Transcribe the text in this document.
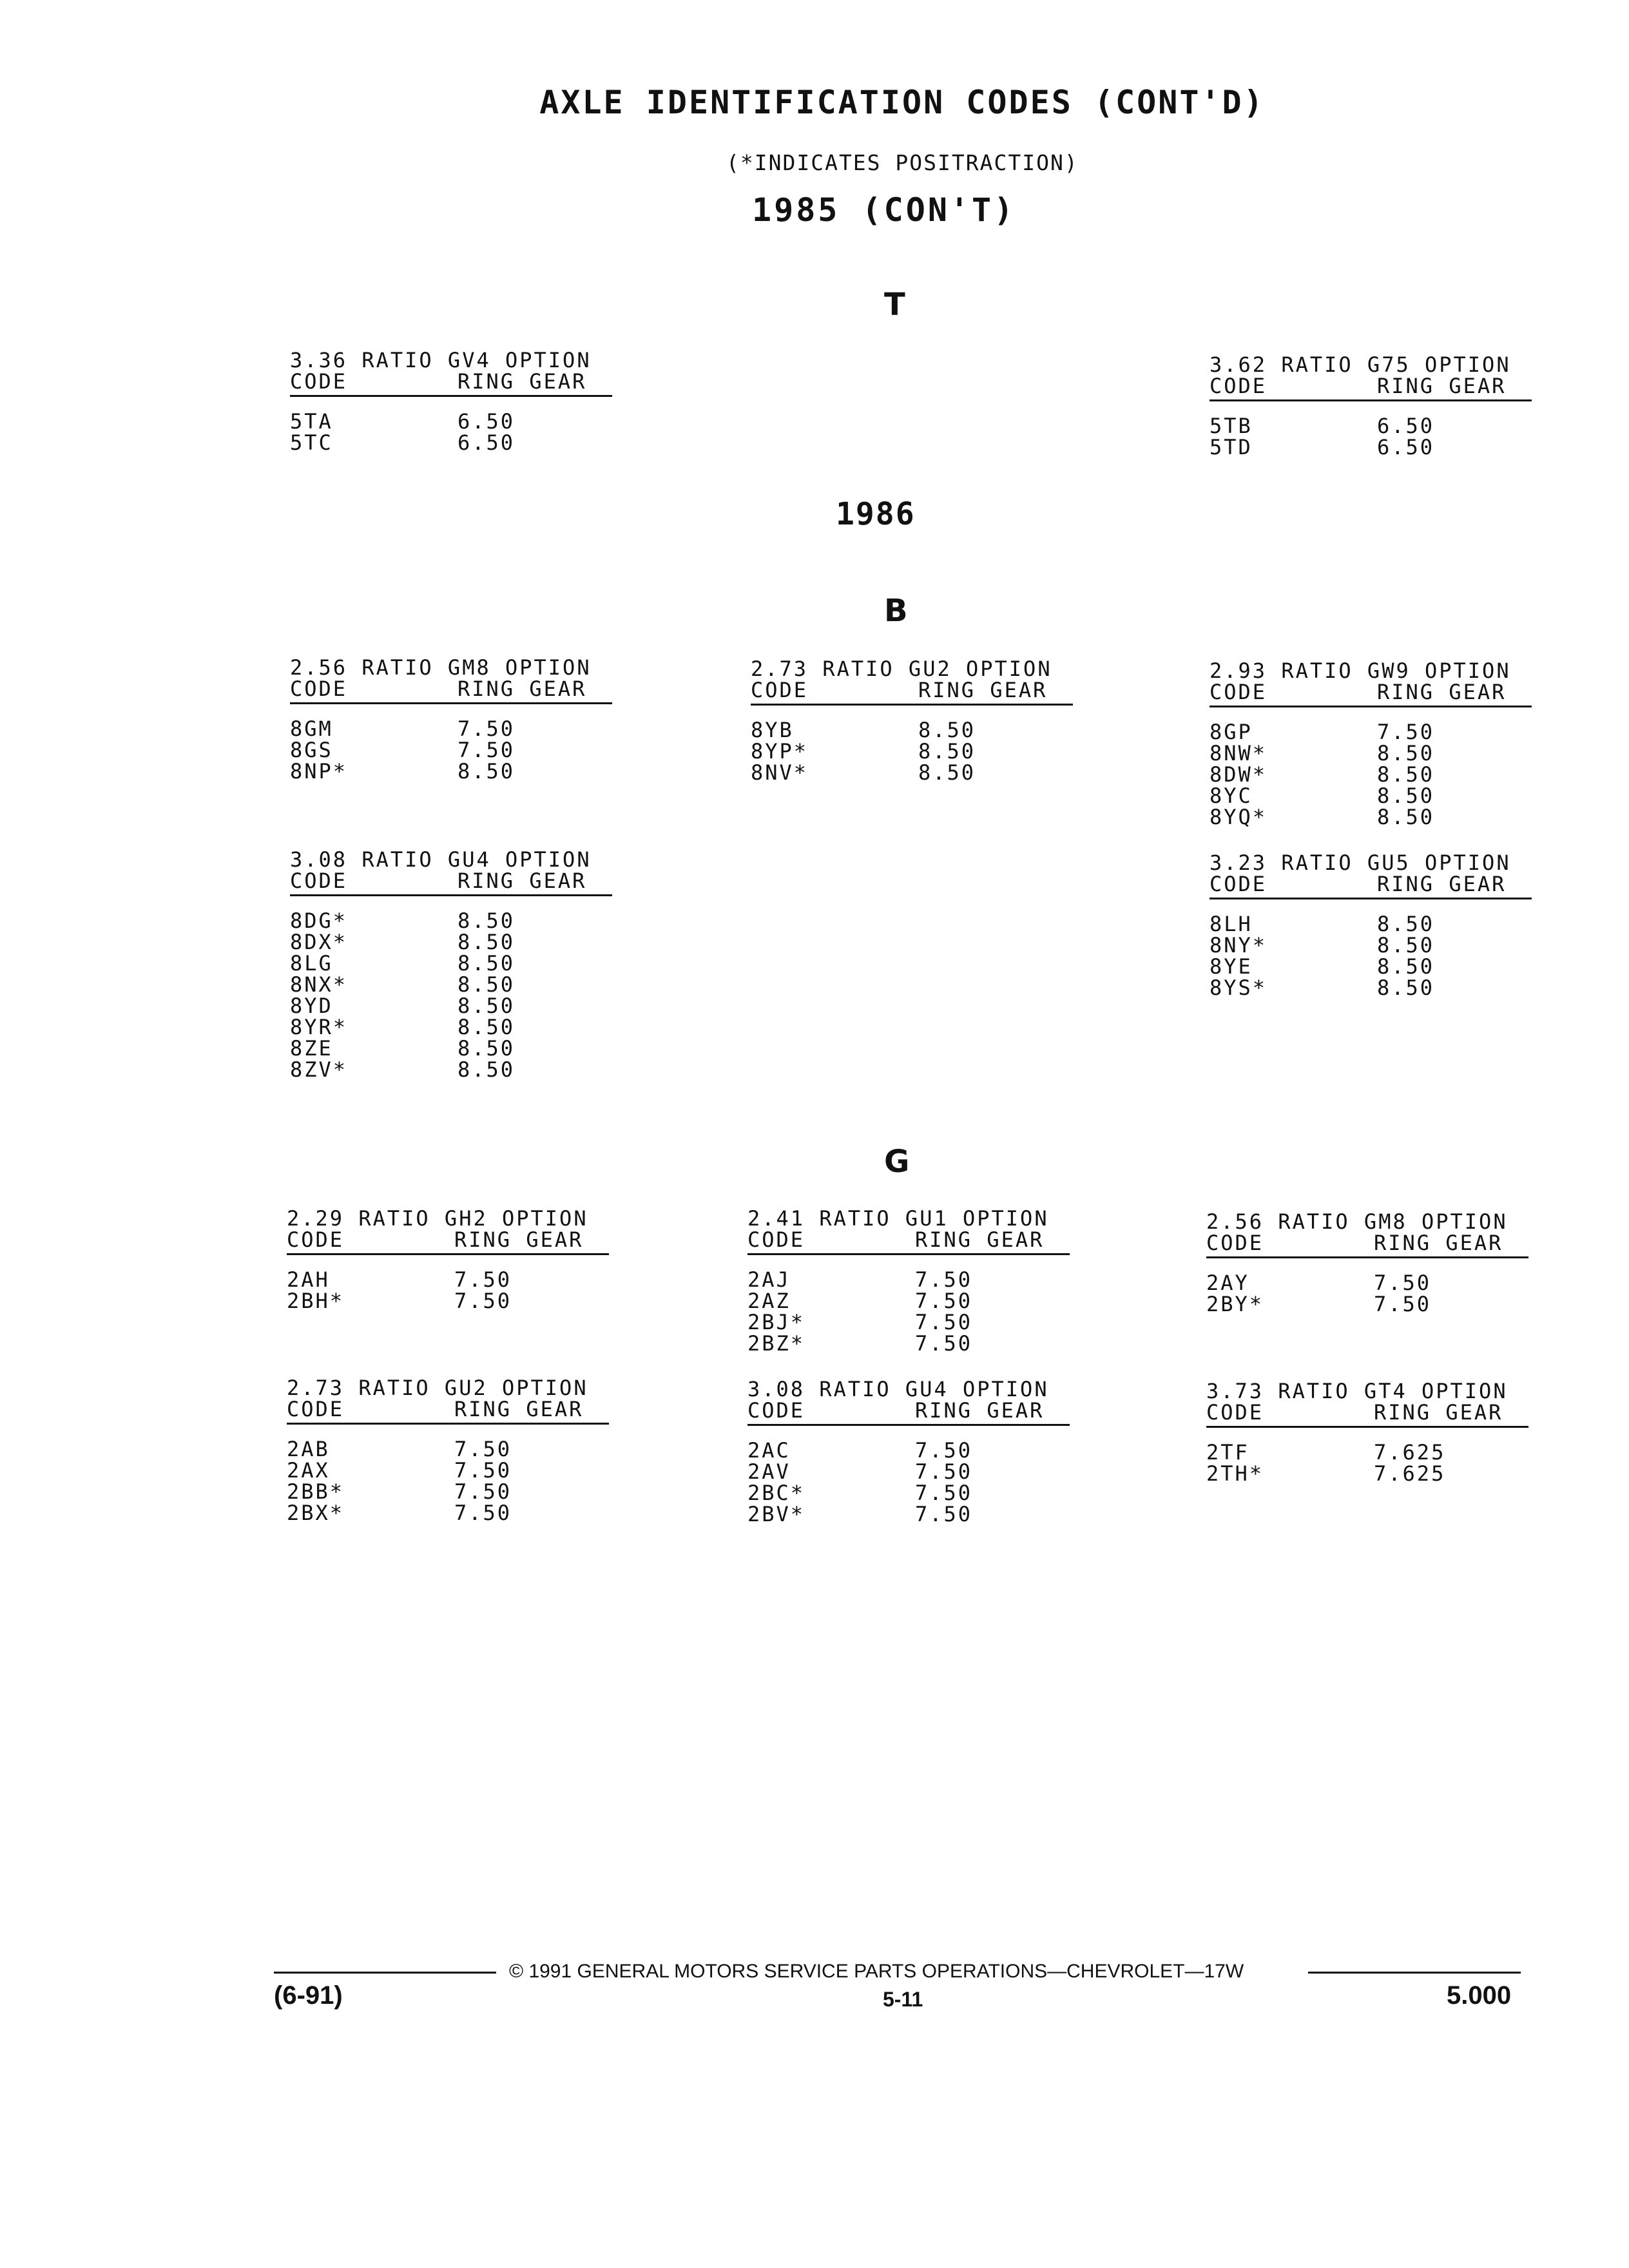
AXLE IDENTIFICATION CODES (CONT'D)
(*INDICATES POSITRACTION)
1985 (CON'T)
T
1986
B
G
3.36 RATIO GV4 OPTION
CODE	RING GEAR
5TA	6.50
5TC	6.50
3.62 RATIO G75 OPTION
CODE	RING GEAR
5TB	6.50
5TD	6.50
2.56 RATIO GM8 OPTION
CODE	RING GEAR
8GM	7.50
8GS	7.50
8NP*	8.50
2.73 RATIO GU2 OPTION
CODE	RING GEAR
8YB	8.50
8YP*	8.50
8NV*	8.50
2.93 RATIO GW9 OPTION
CODE	RING GEAR
8GP	7.50
8NW*	8.50
8DW*	8.50
8YC	8.50
8YQ*	8.50
3.08 RATIO GU4 OPTION
CODE	RING GEAR
8DG*	8.50
8DX*	8.50
8LG	8.50
8NX*	8.50
8YD	8.50
8YR*	8.50
8ZE	8.50
8ZV*	8.50
3.23 RATIO GU5 OPTION
CODE	RING GEAR
8LH	8.50
8NY*	8.50
8YE	8.50
8YS*	8.50
2.29 RATIO GH2 OPTION
CODE	RING GEAR
2AH	7.50
2BH*	7.50
2.41 RATIO GU1 OPTION
CODE	RING GEAR
2AJ	7.50
2AZ	7.50
2BJ*	7.50
2BZ*	7.50
2.56 RATIO GM8 OPTION
CODE	RING GEAR
2AY	7.50
2BY*	7.50
2.73 RATIO GU2 OPTION
CODE	RING GEAR
2AB	7.50
2AX	7.50
2BB*	7.50
2BX*	7.50
3.08 RATIO GU4 OPTION
CODE	RING GEAR
2AC	7.50
2AV	7.50
2BC*	7.50
2BV*	7.50
3.73 RATIO GT4 OPTION
CODE	RING GEAR
2TF	7.625
2TH*	7.625
© 1991 GENERAL MOTORS SERVICE PARTS OPERATIONS—CHEVROLET—17W
(6-91)	5-11	5.000
